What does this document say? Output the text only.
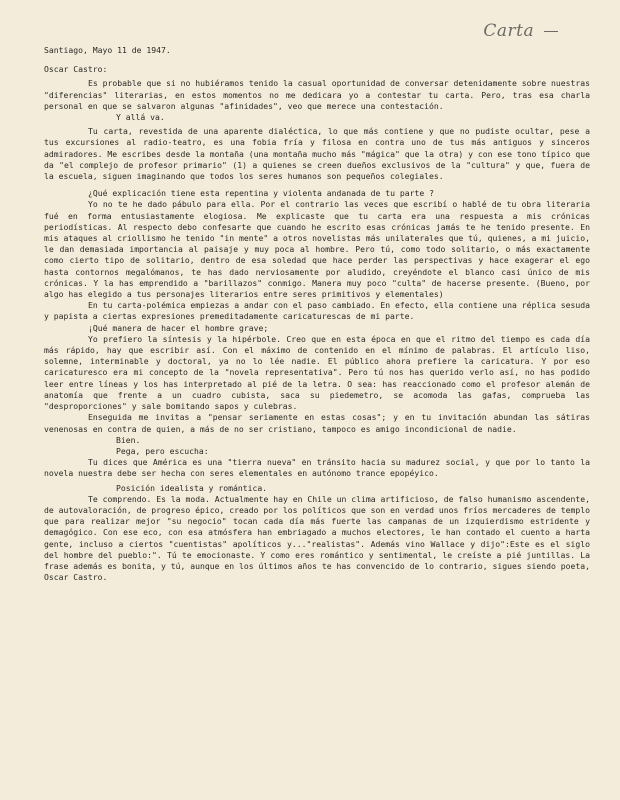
Carta
Santiago, Mayo 11 de 1947.
Oscar Castro:

Es probable que si no hubiéramos tenido la casual oportunidad de conversar detenidamente sobre nuestras "diferencias" literarias, en estos momentos no me dedicara yo a contestar tu carta. Pero, tras esa charla personal en que se salvaron algunas "afinidades", veo que merece una contestación.

Y allá va.

Tu carta, revestida de una aparente dialéctica, lo que más contiene y que no pudiste ocultar, pese a tus excursiones al radio-teatro, es una fobia fría y filosa en contra uno de tus más antiguos y sinceros admiradores. Me escribes desde la montaña (una montaña mucho más "mágica" que la otra) y con ese tono típico que da "el complejo de profesor primario" (1) a quienes se creen dueños exclusivos de la "cultura" y que, fuera de la escuela, siguen imaginando que todos los seres humanos son pequeños colegiales.

¿Qué explicación tiene esta repentina y violenta andanada de tu parte ?

Yo no te he dado pábulo para ella. Por el contrario las veces que escribí o hablé de tu obra literaria fué en forma entusiastamente elogiosa. Me explicaste que tu carta era una respuesta a mis crónicas periodísticas. Al respecto debo confesarte que cuando he escrito esas crónicas jamás te he tenido presente. En mis ataques al criollismo he tenido "in mente" a otros novelistas más unilaterales que tú, quienes, a mi juicio, le dan demasiada importancia al paisaje y muy poca al hombre. Pero tú, como todo solitario, o más exactamente como cierto tipo de solitario, dentro de esa soledad que hace perder las perspectivas y hace exagerar el ego hasta contornos megalómanos, te has dado nerviosamente por aludido, creyéndote el blanco casi único de mis crónicas. Y la has emprendido a "barillazos" conmigo. Manera muy poco "culta" de hacerse presente. (Bueno, por algo has elegido a tus personajes literarios entre seres primitivos y elementales)

En tu carta-polémica empiezas a andar con el paso cambiado. En efecto, ella contiene una réplica sesuda y papista a ciertas expresiones premeditadamente caricaturescas de mi parte.

¡Qué manera de hacer el hombre grave;

Yo prefiero la síntesis y la hipérbole. Creo que en esta época en que el ritmo del tiempo es cada día más rápido, hay que escribir así. Con el máximo de contenido en el mínimo de palabras. El artículo liso, solemne, interminable y doctoral, ya no lo lée nadie. El público ahora prefiere la caricatura. Y por eso caricaturesco era mi concepto de la "novela representativa". Pero tú nos has querido verlo así, no has podido leer entre líneas y los has interpretado al pié de la letra. O sea: has reaccionado como el profesor alemán de anatomía que frente a un cuadro cubista, saca su piedemetro, se acomoda las gafas, comprueba las "desproporciones" y sale bomitando sapos y culebras.

Enseguida me invitas a "pensar seriamente en estas cosas"; y en tu invitación abundan las sátiras venenosas en contra de quien, a más de no ser cristiano, tampoco es amigo incondicional de nadie.

Bien.

Pega, pero escucha:

Tu dices que América es una "tierra nueva" en tránsito hacia su madurez social, y que por lo tanto la novela nuestra debe ser hecha con seres elementales en autónomo trance epopéyico.

Posición idealista y romántica.

Te comprendo. Es la moda. Actualmente hay en Chile un clima artificioso, de falso humanismo ascendente, de autovaloración, de progreso épico, creado por los políticos que son en verdad unos fríos mercaderes de templo que para realizar mejor "su negocio" tocan cada día más fuerte las campanas de un izquierdismo estridente y demagógico. Con ese eco, con esa atmósfera han embriagado a muchos electores, le han contado el cuento a harta gente, incluso a ciertos "cuentistas" apolíticos y..."realistas". Además vino Wallace y dijo":Este es el siglo del hombre del pueblo:". Tú te emocionaste. Y como eres romántico y sentimental, le creíste a pié juntillas. La frase además es bonita, y tú, aunque en los últimos años te has convencido de lo contrario, sigues siendo poeta, Oscar Castro.
